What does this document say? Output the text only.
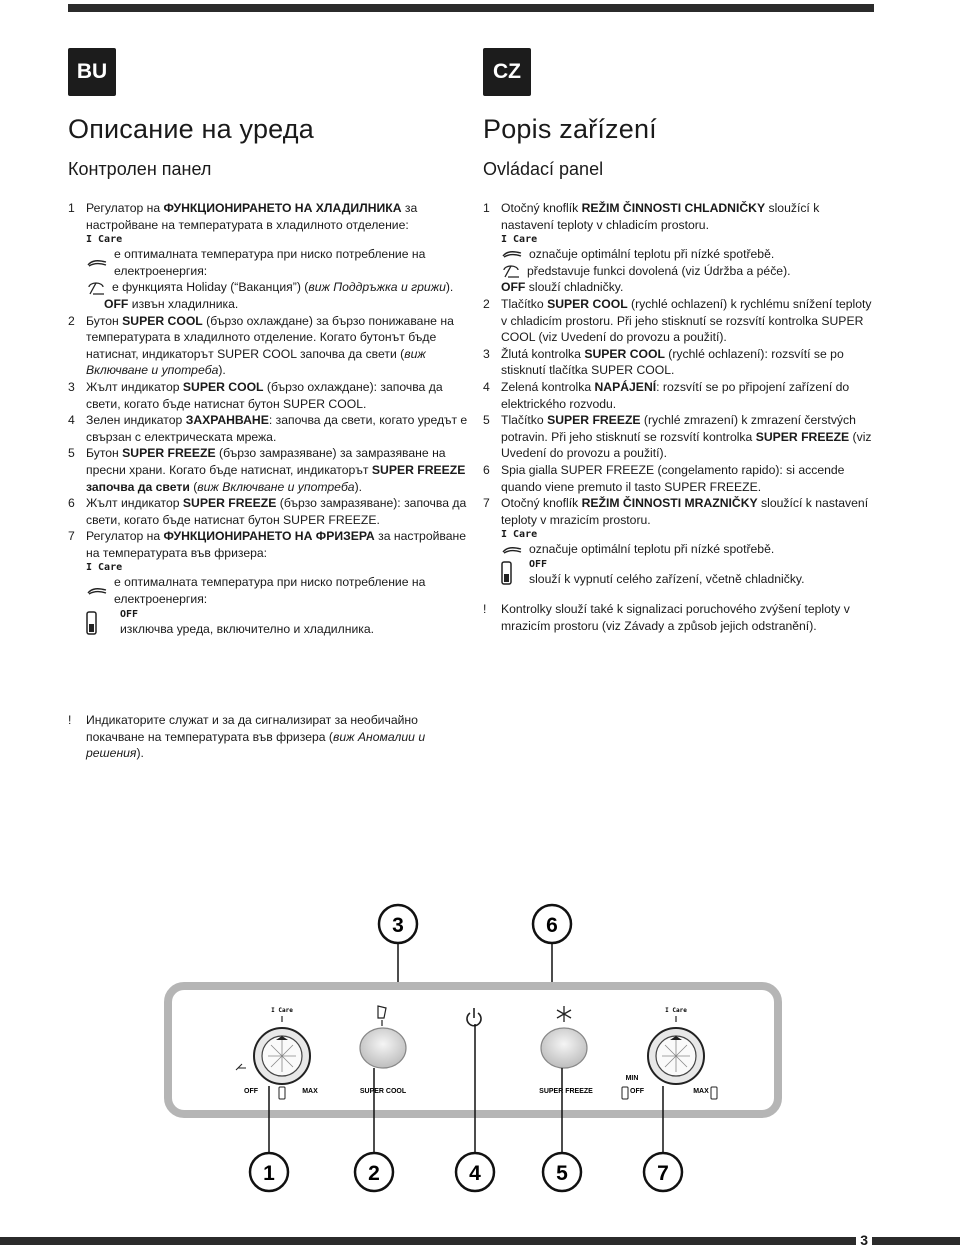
BU	CZ
Описание на уреда
Контролен панел
1 Регулатор на ФУНКЦИОНИРАНЕТО НА ХЛАДИЛНИКА за настройване на температурата в хладилното отделение:
I Care
е оптималната температура при ниско потребление на електроенергия:
е функцията Holiday (“Ваканция”) (виж Поддръжка и грижи).
OFF извън хладилника.
2 Бутон SUPER COOL (бързо охлаждане) за бързо понижаване на температурата в хладилното отделение. Когато бутонът бъде натиснат, индикаторът SUPER COOL започва да свети (виж Включване и употреба).
3 Жълт индикатор SUPER COOL (бързо охлаждане): започва да свети, когато бъде натиснат бутон SUPER COOL.
4 Зелен индикатор ЗАХРАНВАНЕ: започва да свети, когато уредът е свързан с електрическата мрежа.
5 Бутон SUPER FREEZE (бързо замразяване) за замразяване на пресни храни. Когато бъде натиснат, индикаторът SUPER FREEZE започва да свети (виж Включване и употреба).
6 Жълт индикатор SUPER FREEZE (бързо замразяване): започва да свети, когато бъде натиснат бутон SUPER FREEZE.
7 Регулатор на ФУНКЦИОНИРАНЕТО НА ФРИЗЕРА за настройване на температурата във фризера:
I Care
е оптималната температура при ниско потребление на електроенергия:
OFF
изключва уреда, включително и хладилника.
!	Индикаторите служат и за да сигнализират за необичайно покачване на температурата във фризера (виж Аномалии и решения).
Popis zařízení
Ovládací panel
1 Otočný knoflík REŽIM ČINNOSTI CHLADNIČKY sloužící k nastavení teploty v chladicím prostoru.
I Care
označuje optimální teplotu při nízké spotřebě.
představuje funkci dovolená (viz Údržba a péče).
OFF slouží chladničky.
2 Tlačítko SUPER COOL (rychlé ochlazení) k rychlému snížení teploty v chladicím prostoru. Při jeho stisknutí se rozsvítí kontrolka SUPER COOL (viz Uvedení do provozu a použití).
3 Žlutá kontrolka SUPER COOL (rychlé ochlazení): rozsvítí se po stisknutí tlačítka SUPER COOL.
4 Zelená kontrolka NAPÁJENÍ: rozsvítí se po připojení zařízení do elektrického rozvodu.
5 Tlačítko SUPER FREEZE (rychlé zmrazení) k zmrazení čerstvých potravin. Při jeho stisknutí se rozsvítí kontrolka SUPER FREEZE (viz Uvedení do provozu a použití).
6 Spia gialla SUPER FREEZE (congelamento rapido): si accende quando viene premuto il tasto SUPER FREEZE.
7 Otočný knoflík REŽIM ČINNOSTI MRAZNIČKY sloužící k nastavení teploty v mrazicím prostoru.
I Care
označuje optimální teplotu při nízké spotřebě.
OFF
slouží k vypnutí celého zařízení, včetně chladničky.
!	Kontrolky slouží také k signalizaci poruchového zvýšení teploty v mrazicím prostoru (viz Závady a způsob jejich odstranění).
3	6
I Care
OFF	MAX	SUPER COOL	SUPER FREEZE
I Care
MIN
OFF	MAX
1	2	4	5	7
3
